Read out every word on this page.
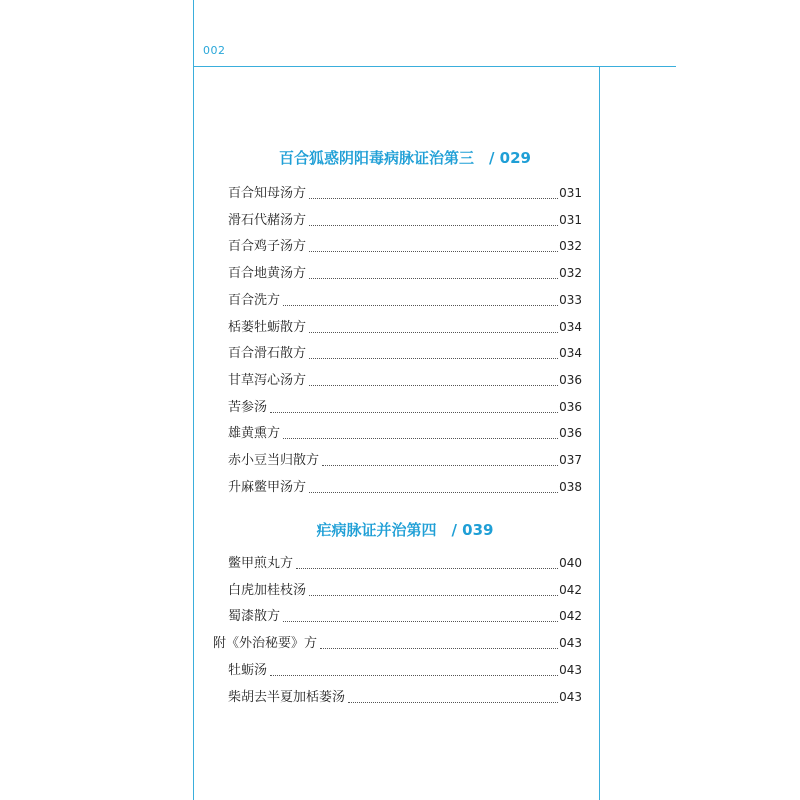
002
百合狐惑阴阳毒病脉证治第三　/ 029
百合知母汤方	031
滑石代赭汤方	031
百合鸡子汤方	032
百合地黄汤方	032
百合洗方	033
栝蒌牡蛎散方	034
百合滑石散方	034
甘草泻心汤方	036
苦参汤	036
雄黄熏方	036
赤小豆当归散方	037
升麻鳖甲汤方	038
疟病脉证并治第四　/ 039
鳖甲煎丸方	040
白虎加桂枝汤	042
蜀漆散方	042
附《外治秘要》方	043
牡蛎汤	043
柴胡去半夏加栝蒌汤	043
